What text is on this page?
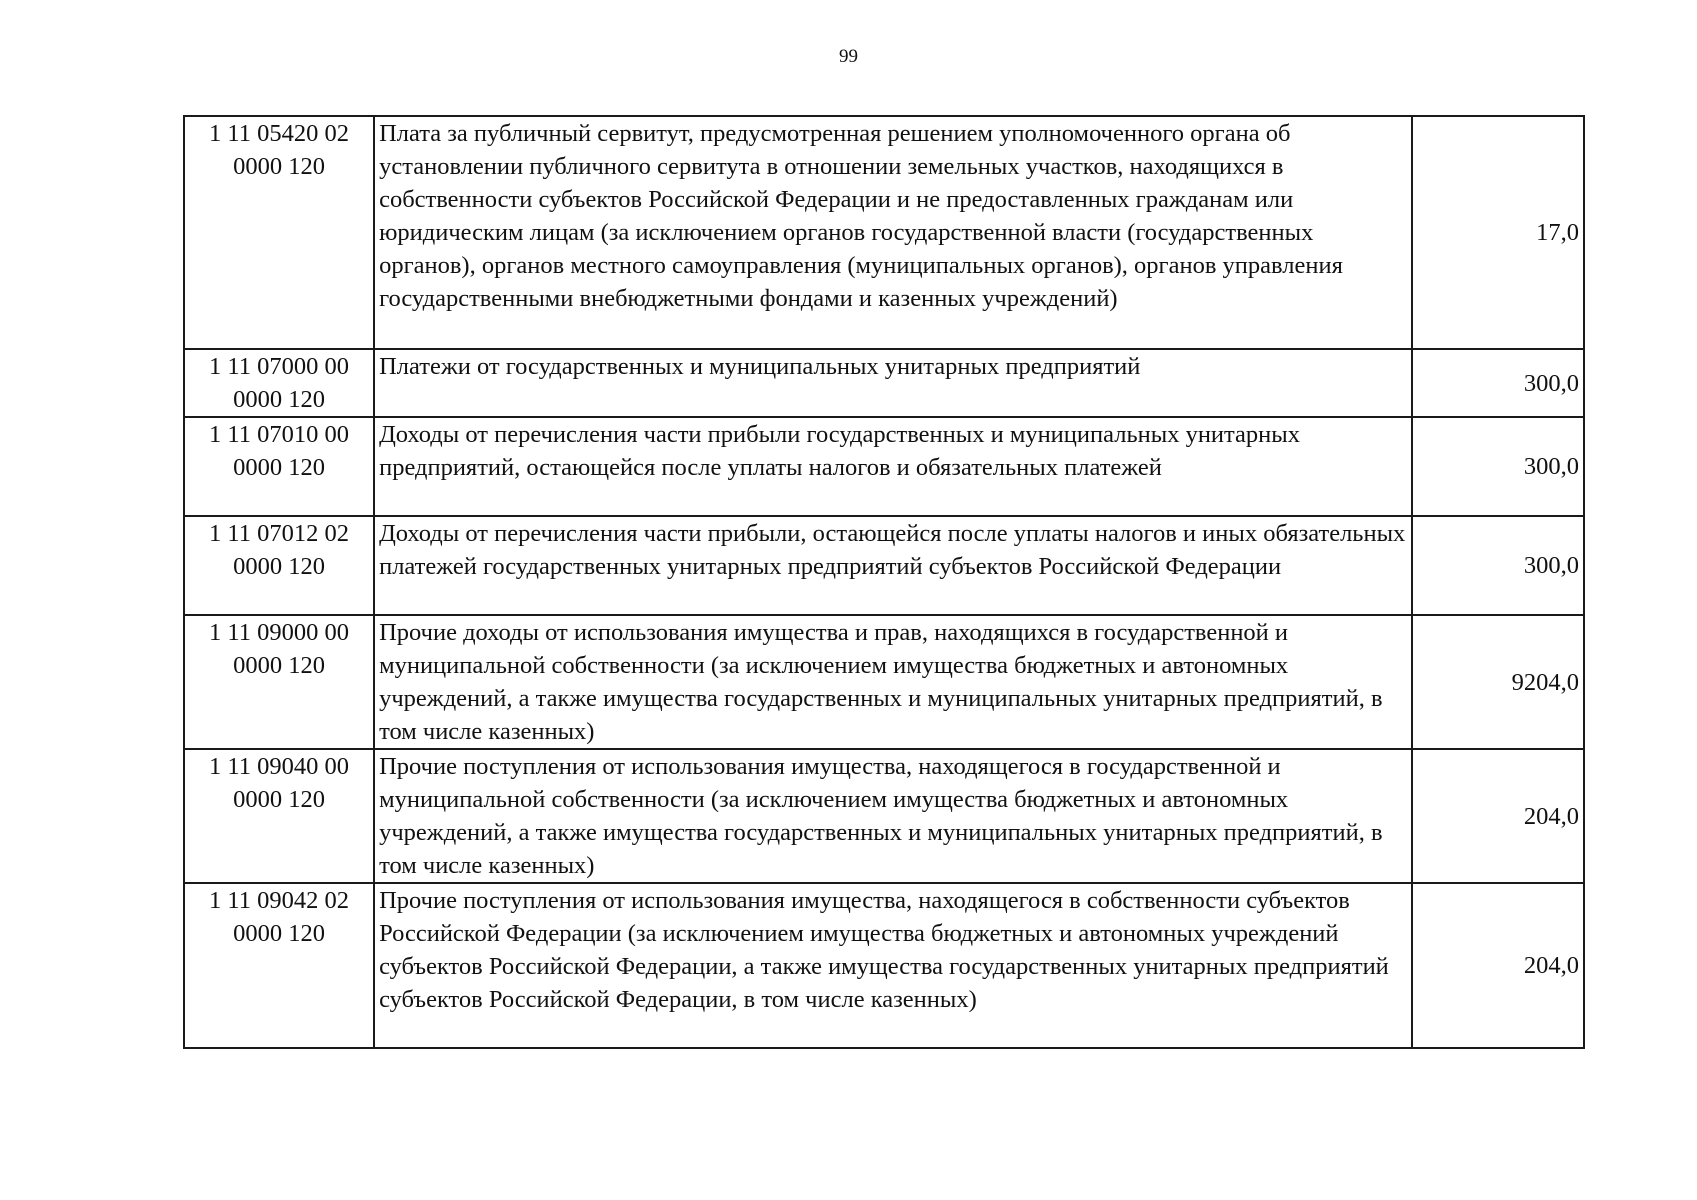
99
1 11 05420 02 0000 120	Плата за публичный сервитут, предусмотренная решением уполномоченного органа об установлении публичного сервитута в отношении земельных участков, находящихся в собственности субъектов Российской Федерации и не предоставленных гражданам или юридическим лицам (за исключением органов государственной власти (государственных органов), органов местного самоуправления (муниципальных органов), органов управления государственными внебюджетными фондами и казенных учреждений)	17,0
1 11 07000 00 0000 120	Платежи от государственных и муниципальных унитарных предприятий	300,0
1 11 07010 00 0000 120	Доходы от перечисления части прибыли государственных и муниципальных унитарных предприятий, остающейся после уплаты налогов и обязательных платежей	300,0
1 11 07012 02 0000 120	Доходы от перечисления части прибыли, остающейся после уплаты налогов и иных обязательных платежей государственных унитарных предприятий субъектов Российской Федерации	300,0
1 11 09000 00 0000 120	Прочие доходы от использования имущества и прав, находящихся в государственной и муниципальной собственности (за исключением имущества бюджетных и автономных учреждений, а также имущества государственных и муниципальных унитарных предприятий, в том числе казенных)	9204,0
1 11 09040 00 0000 120	Прочие поступления от использования имущества, находящегося в государственной и муниципальной собственности (за исключением имущества бюджетных и автономных учреждений, а также имущества государственных и муниципальных унитарных предприятий, в том числе казенных)	204,0
1 11 09042 02 0000 120	Прочие поступления от использования имущества, находящегося в собственности субъектов Российской Федерации (за исключением имущества бюджетных и автономных учреждений субъектов Российской Федерации, а также имущества государственных унитарных предприятий субъектов Российской Федерации, в том числе казенных)	204,0
